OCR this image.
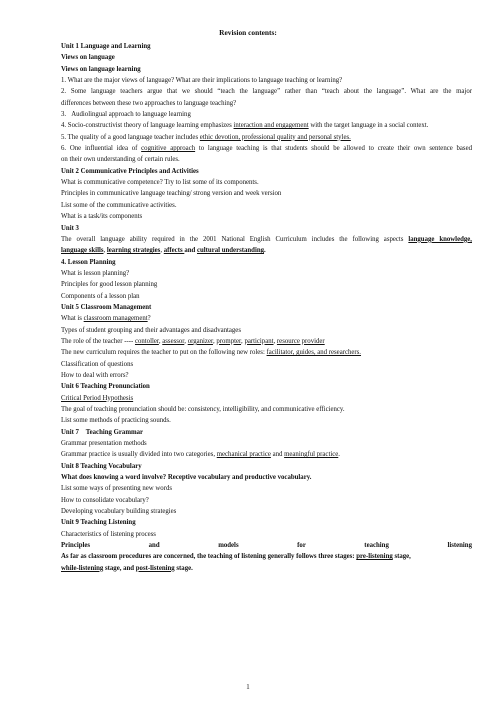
Revision contents:
Unit 1 Language and Learning
Views on language
Views on language learning
1. What are the major views of language? What are their implications to language teaching or learning?
2. Some language teachers argue that we should “teach the language” rather than “teach about the language”. What are the major
differences between these two approaches to language teaching?
3.   Audiolingual approach to language learning
4. Socio-constructivist theory of language learning emphasizes interaction and engagement with the target language in a social context.
5. The quality of a good language teacher includes ethic devotion, professional quality and personal styles.
6. One influential idea of cognitive approach to language teaching is that students should be allowed to create their own sentence based
on their own understanding of certain rules.
Unit 2 Communicative Principles and Activities
What is communicative competence? Try to list some of its components.
Principles in communicative language teaching/ strong version and week version
List some of the communicative activities.
What is a task/its components
Unit 3
The overall language ability required in the 2001 National English Curriculum includes the following aspects language knowledge,
language skills, learning strategies, affects and cultural understanding.
4. Lesson Planning
What is lesson planning?
Principles for good lesson planning
Components of a lesson plan
Unit 5 Classroom Management
What is classroom management?
Types of student grouping and their advantages and disadvantages
The role of the teacher ---- contoller, assessor, organizer, prompter, participant, resource provider
The new curriculum requires the teacher to put on the following new roles: facilitator, guides, and researchers.
Classification of questions
How to deal with errors?
Unit 6 Teaching Pronunciation
Critical Period Hypothesis
The goal of teaching pronunciation should be: consistency, intelligibility, and communicative efficiency.
List some methods of practicing sounds.
Unit 7    Teaching Grammar
Grammar presentation methods
Grammar practice is usually divided into two categories, mechanical practice and meaningful practice.
Unit 8 Teaching Vocabulary
What does knowing a word involve? Receptive vocabulary and productive vocabulary.
List some ways of presenting new words
How to consolidate vocabulary?
Developing vocabulary building strategies
Unit 9 Teaching Listening
Characteristics of listening process
Principles and models for teaching listening
As far as classroom procedures are concerned, the teaching of listening generally follows three stages: pre-listening stage,
while-listening stage, and post-listening stage.
1
